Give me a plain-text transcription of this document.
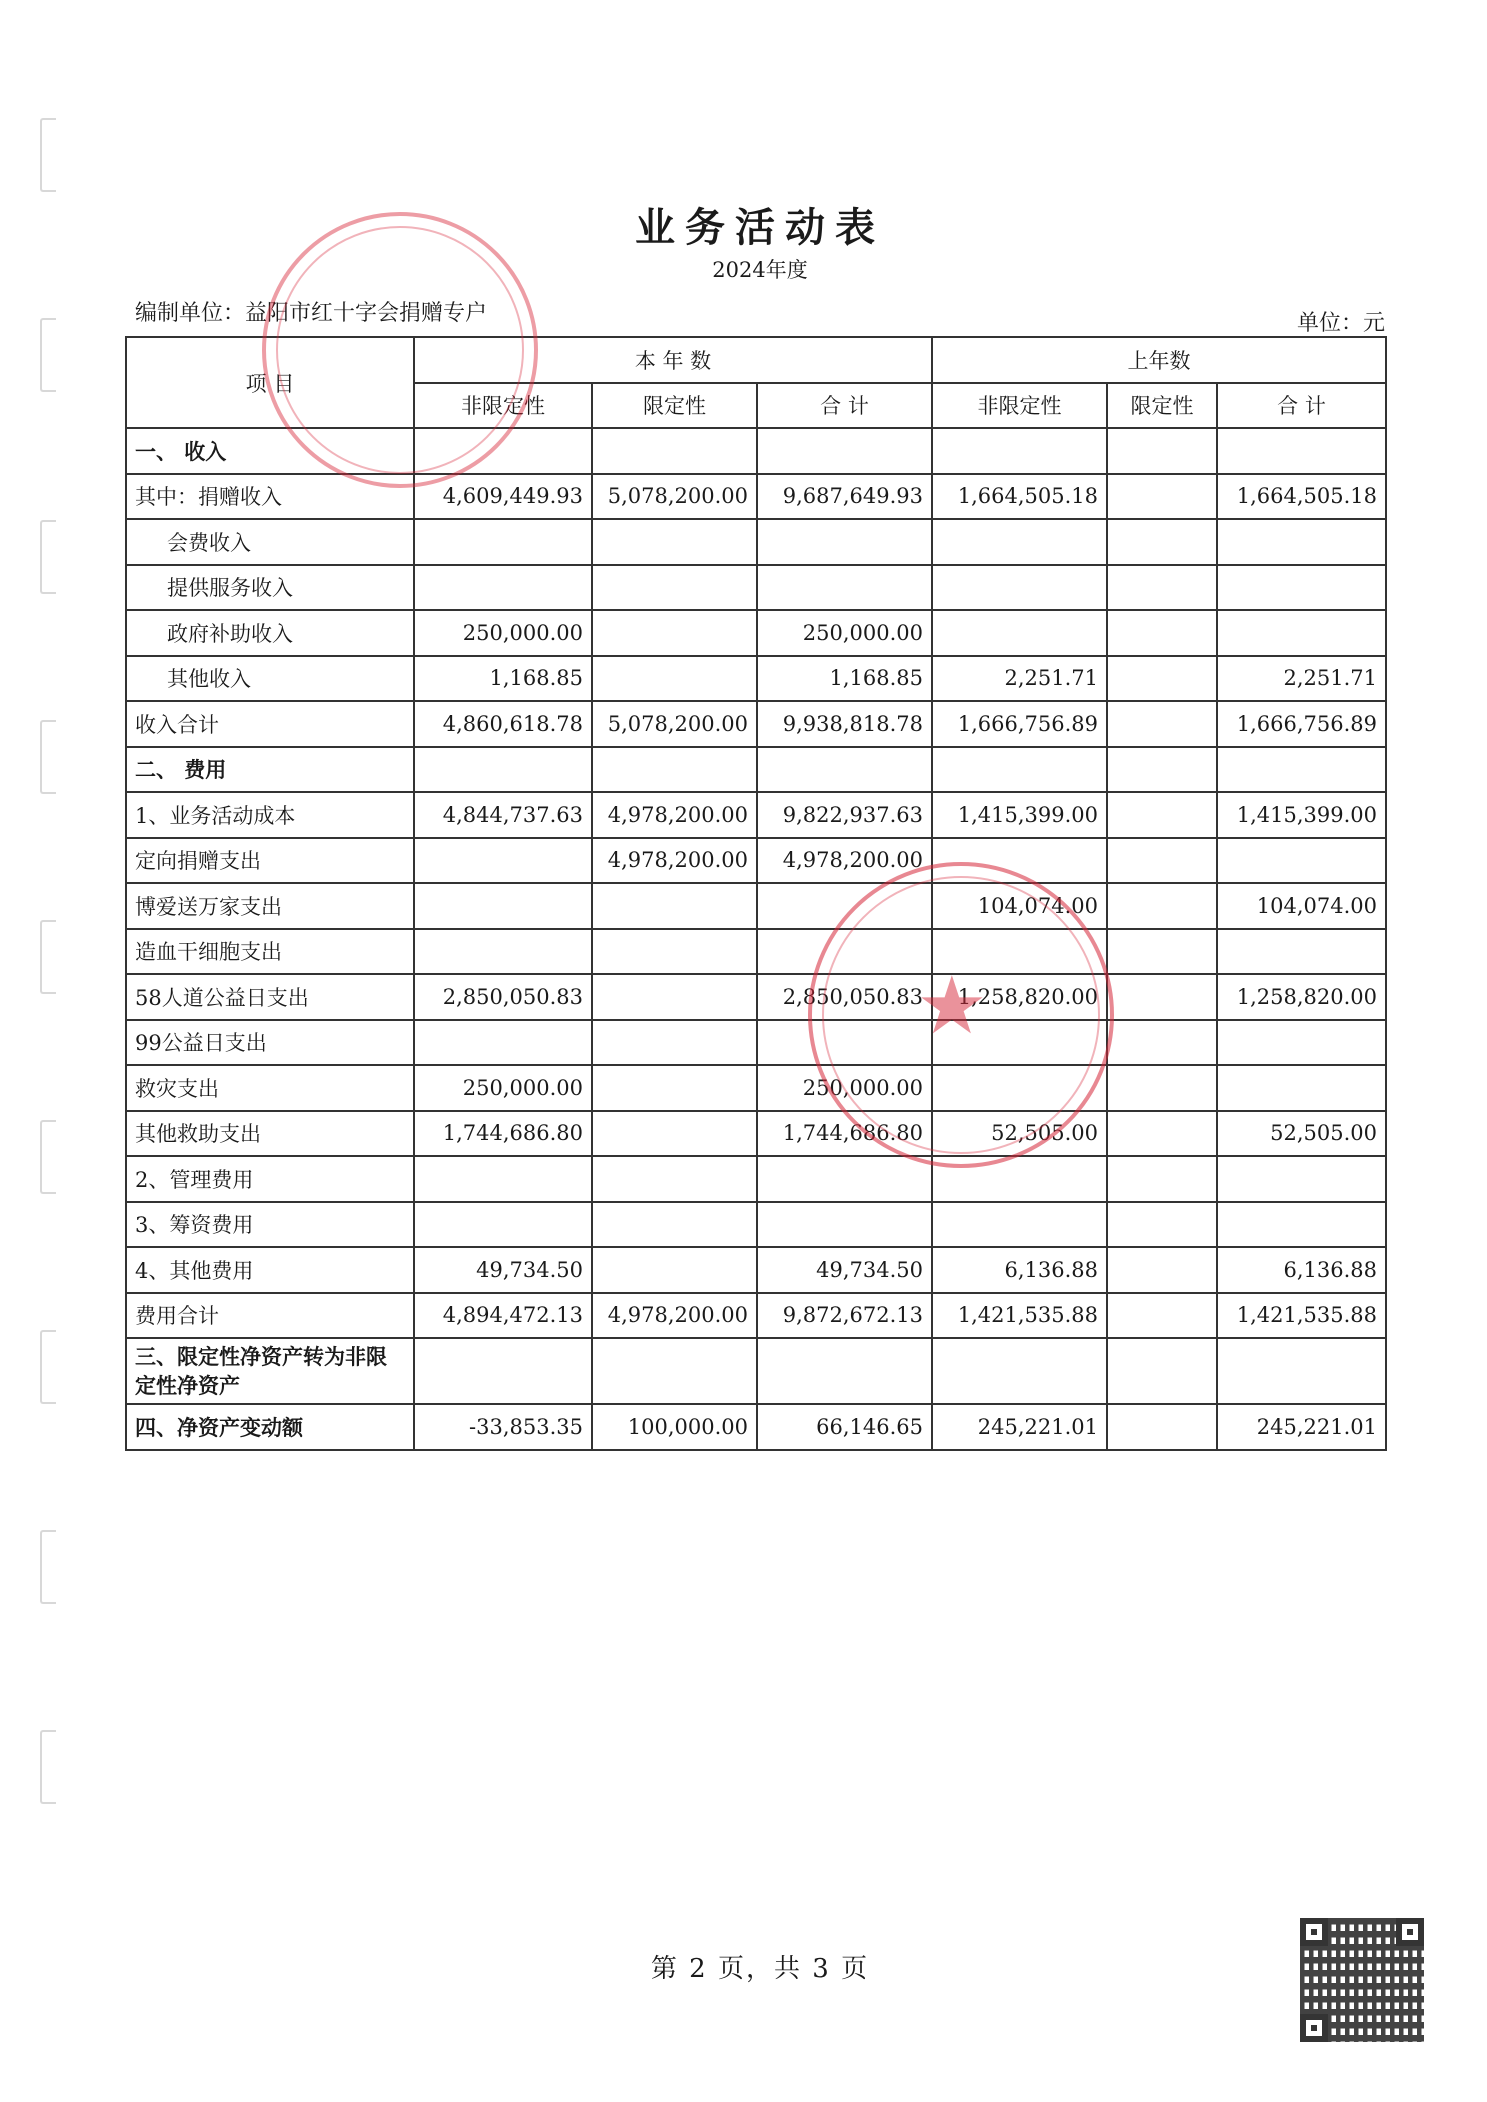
业务活动表
2024年度
编制单位：益阳市红十字会捐赠专户	单位：元
项 目	本 年 数			上年数		
	非限定性	限定性	合 计	非限定性	限定性	合 计
一、 收入						
其中：捐赠收入	4,609,449.93	5,078,200.00	9,687,649.93	1,664,505.18		1,664,505.18
会费收入						
提供服务收入						
政府补助收入	250,000.00		250,000.00			
其他收入	1,168.85		1,168.85	2,251.71		2,251.71
收入合计	4,860,618.78	5,078,200.00	9,938,818.78	1,666,756.89		1,666,756.89
二、 费用						
1、业务活动成本	4,844,737.63	4,978,200.00	9,822,937.63	1,415,399.00		1,415,399.00
定向捐赠支出		4,978,200.00	4,978,200.00			
博爱送万家支出				104,074.00		104,074.00
造血干细胞支出						
58人道公益日支出	2,850,050.83		2,850,050.83	1,258,820.00		1,258,820.00
99公益日支出						
救灾支出	250,000.00		250,000.00			
其他救助支出	1,744,686.80		1,744,686.80	52,505.00		52,505.00
2、管理费用						
3、筹资费用						
4、其他费用	49,734.50		49,734.50	6,136.88		6,136.88
费用合计	4,894,472.13	4,978,200.00	9,872,672.13	1,421,535.88		1,421,535.88
三、限定性净资产转为非限定性净资产						
四、净资产变动额	-33,853.35	100,000.00	66,146.65	245,221.01		245,221.01
★
第 2 页，共 3 页
